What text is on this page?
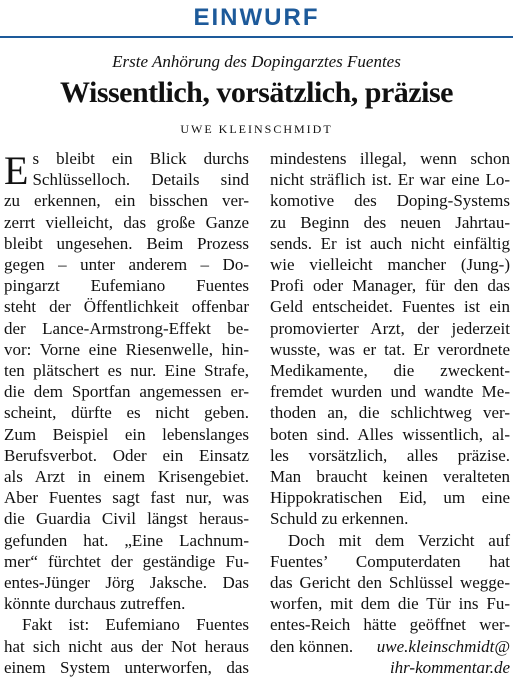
EINWURF
Erste Anhörung des Dopingarztes Fuentes
Wissentlich, vorsätzlich, präzise
UWE KLEINSCHMIDT
E s bleibt ein Blick durchs
Schlüsselloch. Details sind
zu erkennen, ein bisschen ver-
zerrt vielleicht, das große Ganze
bleibt ungesehen. Beim Prozess
gegen – unter anderem – Do-
pingarzt Eufemiano Fuentes
steht der Öffentlichkeit offenbar
der Lance-Armstrong-Effekt be-
vor: Vorne eine Riesenwelle, hin-
ten plätschert es nur. Eine Strafe,
die dem Sportfan angemessen er-
scheint, dürfte es nicht geben.
Zum Beispiel ein lebenslanges
Berufsverbot. Oder ein Einsatz
als Arzt in einem Krisengebiet.
Aber Fuentes sagt fast nur, was
die Guardia Civil längst heraus-
gefunden hat. „Eine Lachnum-
mer“ fürchtet der geständige Fu-
entes-Jünger Jörg Jaksche. Das
könnte durchaus zutreffen.
Fakt ist: Eufemiano Fuentes
hat sich nicht aus der Not heraus
einem System unterworfen, das
mindestens illegal, wenn schon
nicht sträflich ist. Er war eine Lo-
komotive des Doping-Systems
zu Beginn des neuen Jahrtau-
sends. Er ist auch nicht einfältig
wie vielleicht mancher (Jung-)
Profi oder Manager, für den das
Geld entscheidet. Fuentes ist ein
promovierter Arzt, der jederzeit
wusste, was er tat. Er verordnete
Medikamente, die zweckent-
fremdet wurden und wandte Me-
thoden an, die schlichtweg ver-
boten sind. Alles wissentlich, al-
les vorsätzlich, alles präzise.
Man braucht keinen veralteten
Hippokratischen Eid, um eine
Schuld zu erkennen.
Doch mit dem Verzicht auf
Fuentes’ Computerdaten hat
das Gericht den Schlüssel wegge-
worfen, mit dem die Tür ins Fu-
entes-Reich hätte geöffnet wer-
den können. uwe.kleinschmidt@
ihr-kommentar.de
